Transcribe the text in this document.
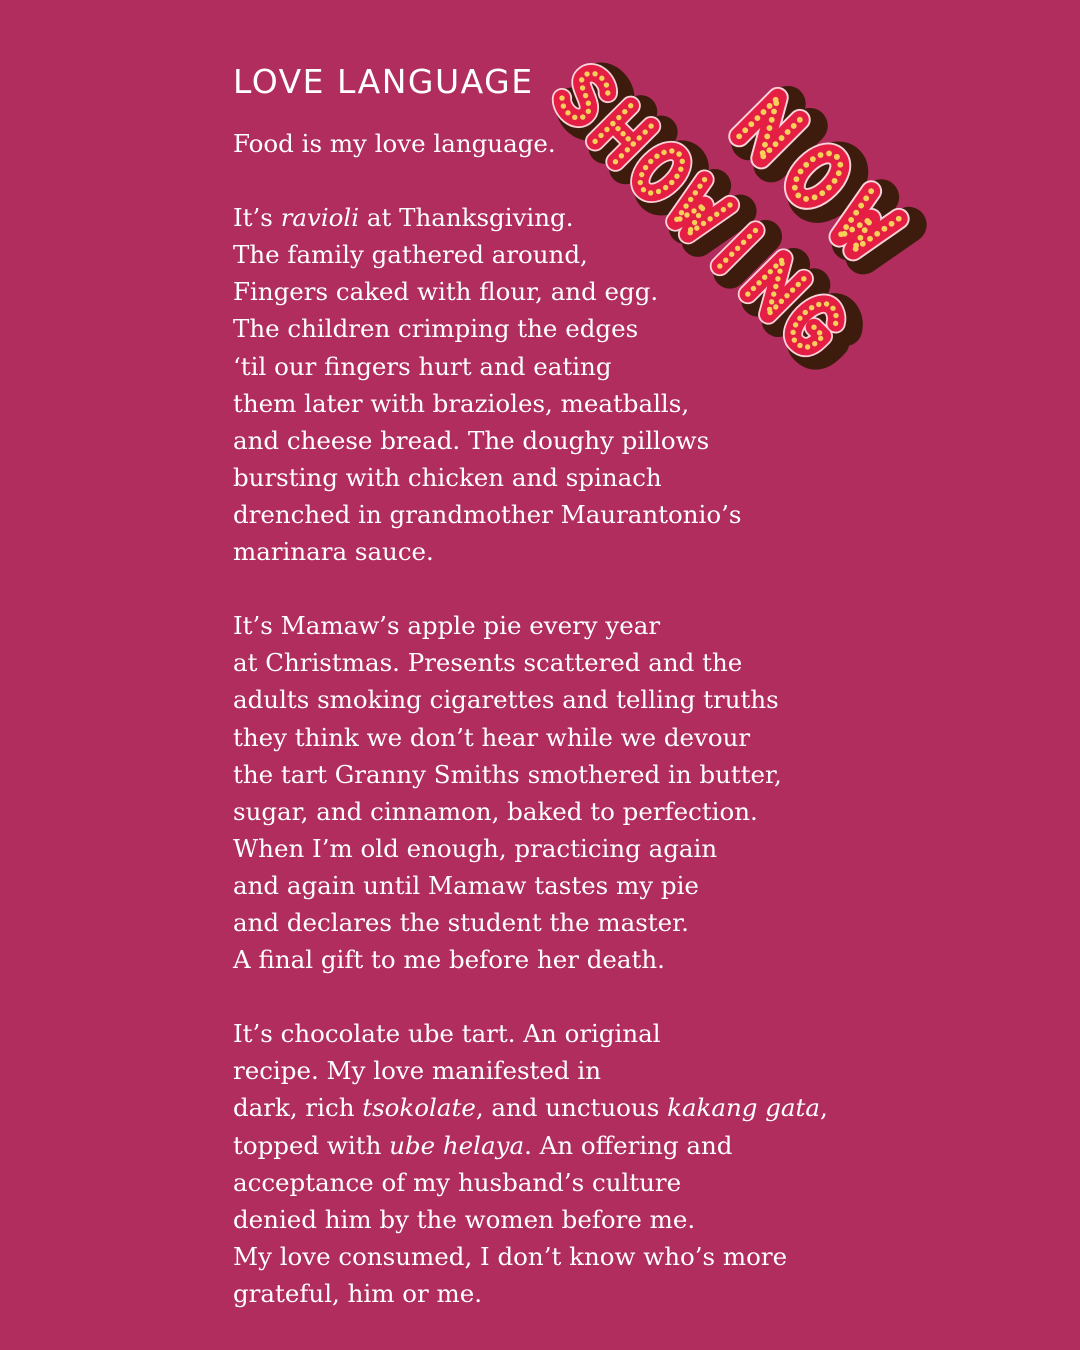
LOVE LANGUAGE
Food is my love language.
It’s ravioli at Thanksgiving.
The family gathered around,
Fingers caked with flour, and egg.
The children crimping the edges
‘til our fingers hurt and eating
them later with brazioles, meatballs,
and cheese bread. The doughy pillows
bursting with chicken and spinach
drenched in grandmother Maurantonio’s
marinara sauce.
It’s Mamaw’s apple pie every year
at Christmas. Presents scattered and the
adults smoking cigarettes and telling truths
they think we don’t hear while we devour
the tart Granny Smiths smothered in butter,
sugar, and cinnamon, baked to perfection.
When I’m old enough, practicing again
and again until Mamaw tastes my pie
and declares the student the master.
A final gift to me before her death.
It’s chocolate ube tart. An original
recipe. My love manifested in
dark, rich tsokolate, and unctuous kakang gata,
topped with ube helaya. An offering and
acceptance of my husband’s culture
denied him by the women before me.
My love consumed, I don’t know who’s more
grateful, him or me.
